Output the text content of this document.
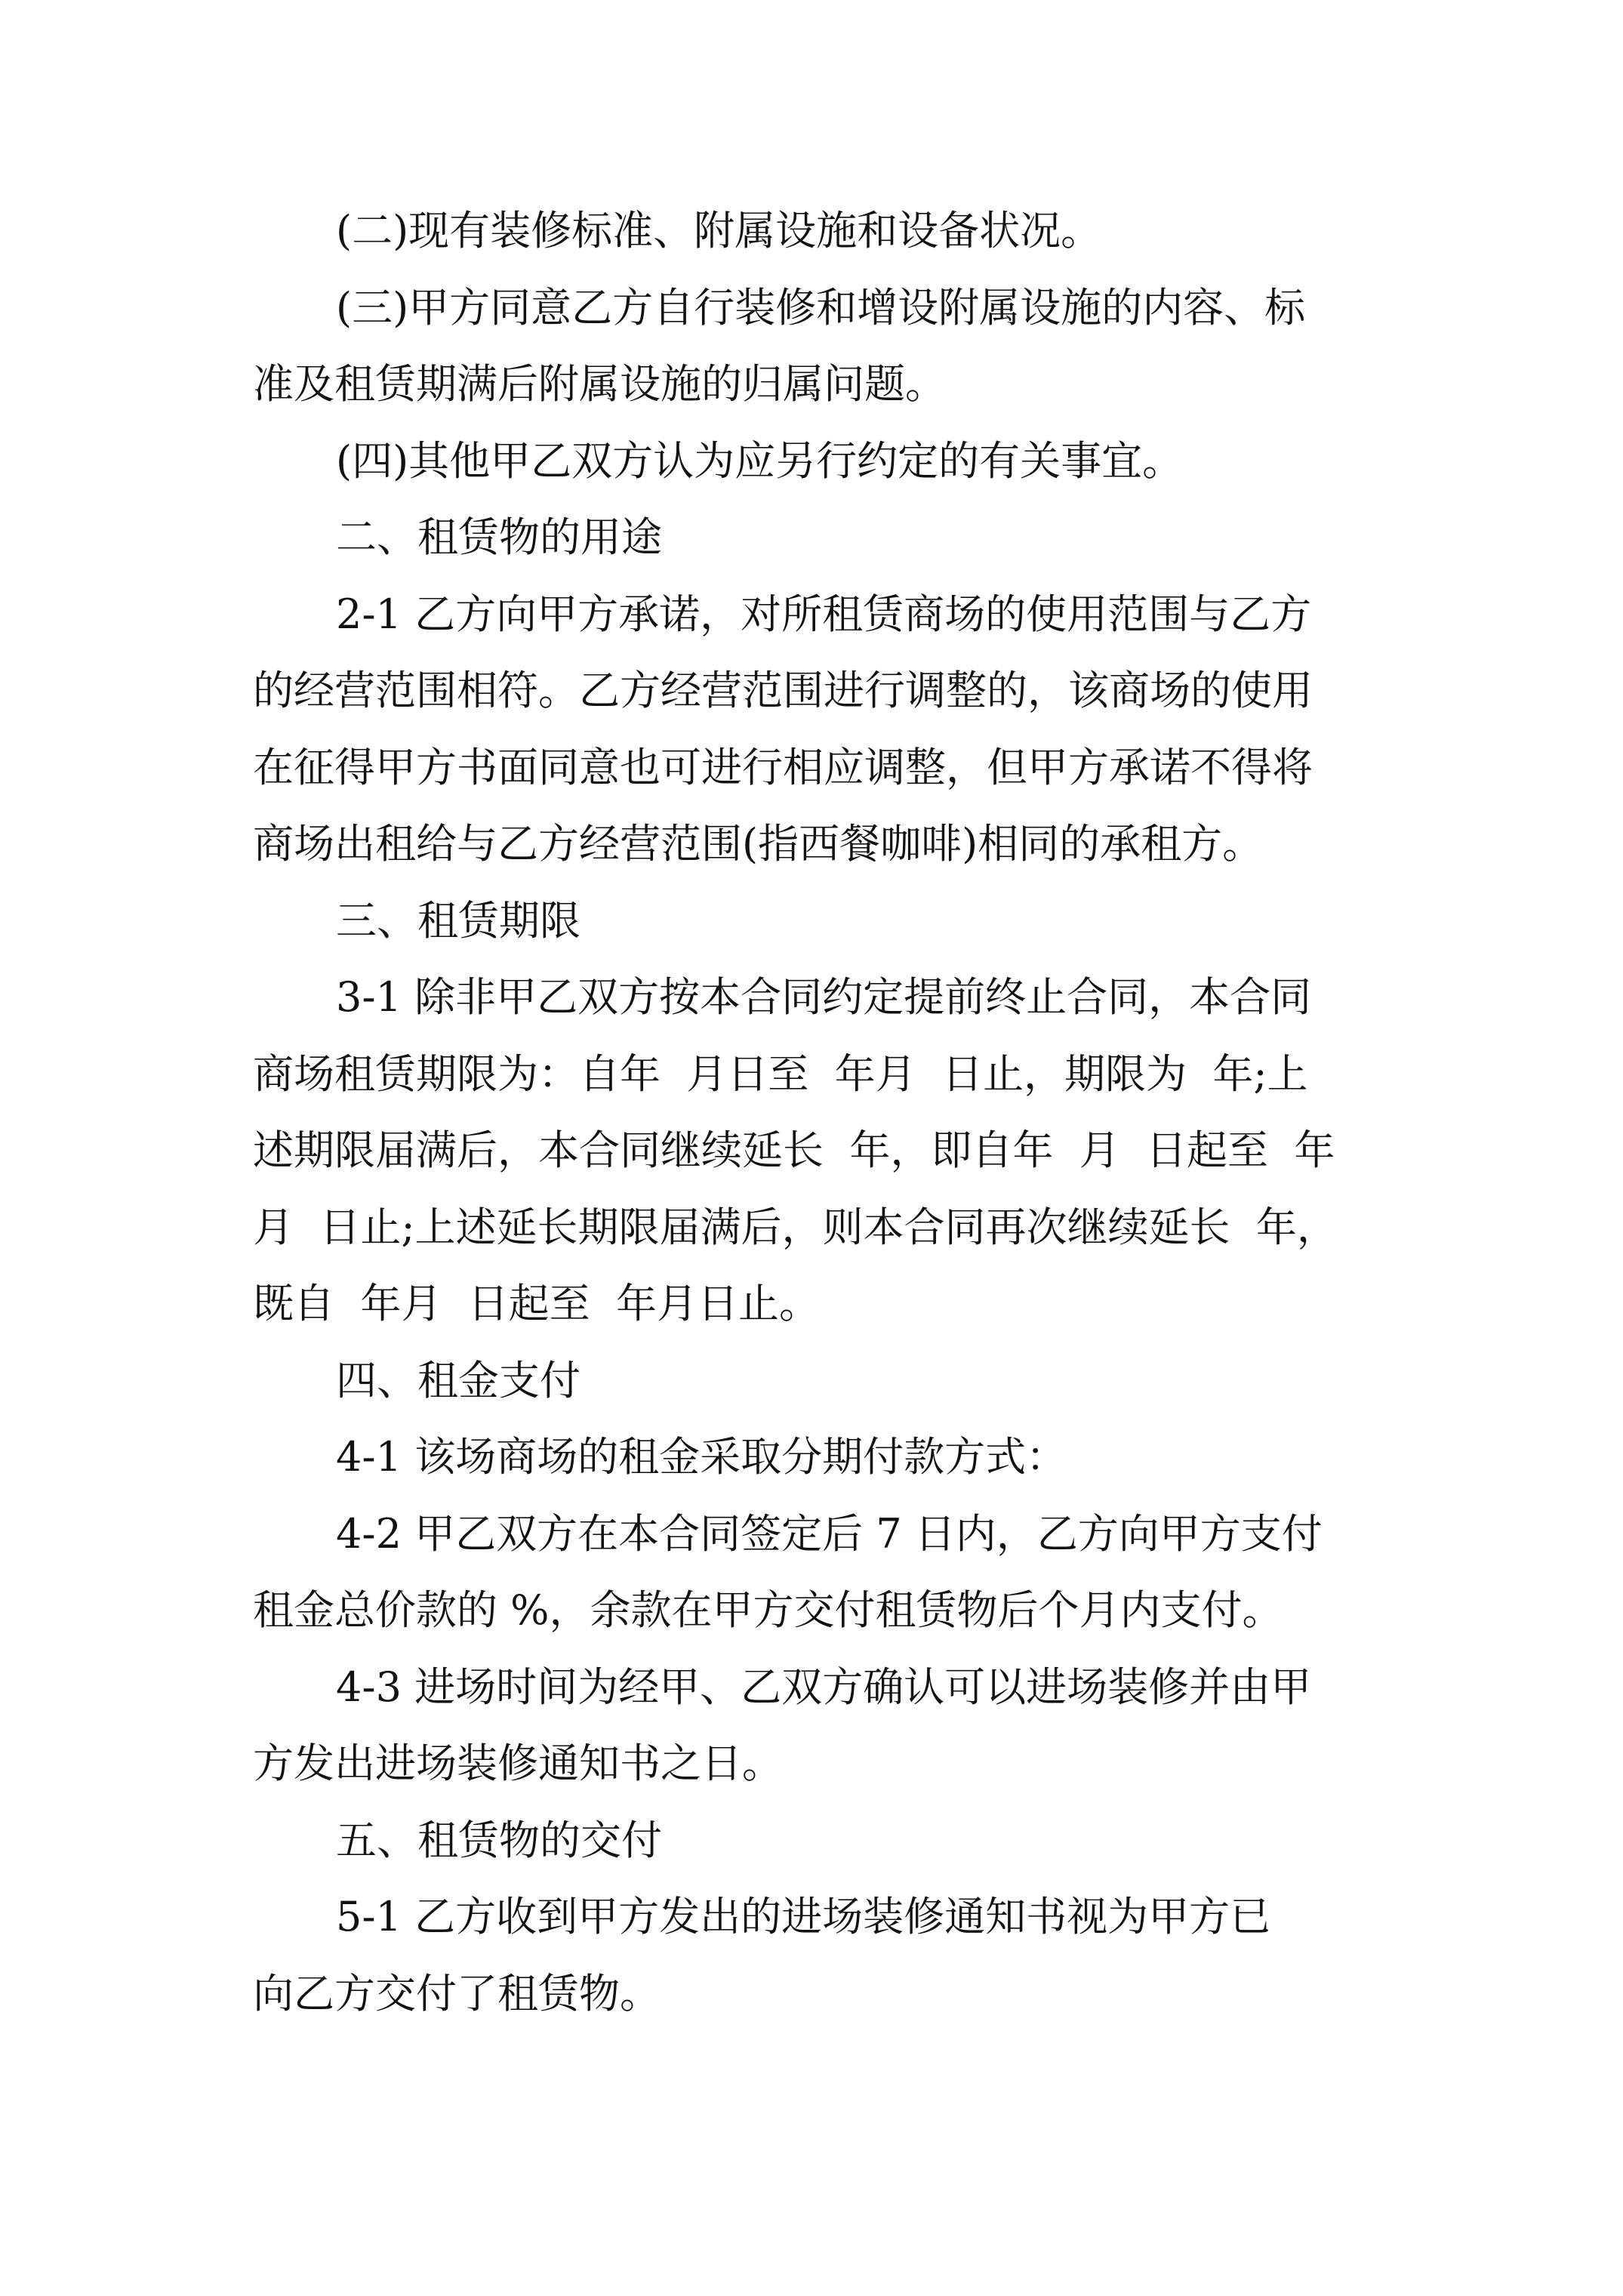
(二)现有装修标准、附属设施和设备状况。
(三)甲方同意乙方自行装修和增设附属设施的内容、标
准及租赁期满后附属设施的归属问题。
(四)其他甲乙双方认为应另行约定的有关事宜。
二、租赁物的用途
2-1 乙方向甲方承诺，对所租赁商场的使用范围与乙方
的经营范围相符。乙方经营范围进行调整的，该商场的使用
在征得甲方书面同意也可进行相应调整，但甲方承诺不得将
商场出租给与乙方经营范围(指西餐咖啡)相同的承租方。
三、租赁期限
3-1 除非甲乙双方按本合同约定提前终止合同，本合同
商场租赁期限为：自年  月日至  年月  日止，期限为  年;上
述期限届满后，本合同继续延长  年，即自年  月  日起至  年
月  日止;上述延长期限届满后，则本合同再次继续延长  年，
既自  年月  日起至  年月日止。
四、租金支付
4-1 该场商场的租金采取分期付款方式：
4-2 甲乙双方在本合同签定后 7 日内，乙方向甲方支付
租金总价款的 %，余款在甲方交付租赁物后个月内支付。
4-3 进场时间为经甲、乙双方确认可以进场装修并由甲
方发出进场装修通知书之日。
五、租赁物的交付
5-1 乙方收到甲方发出的进场装修通知书视为甲方已
向乙方交付了租赁物。
